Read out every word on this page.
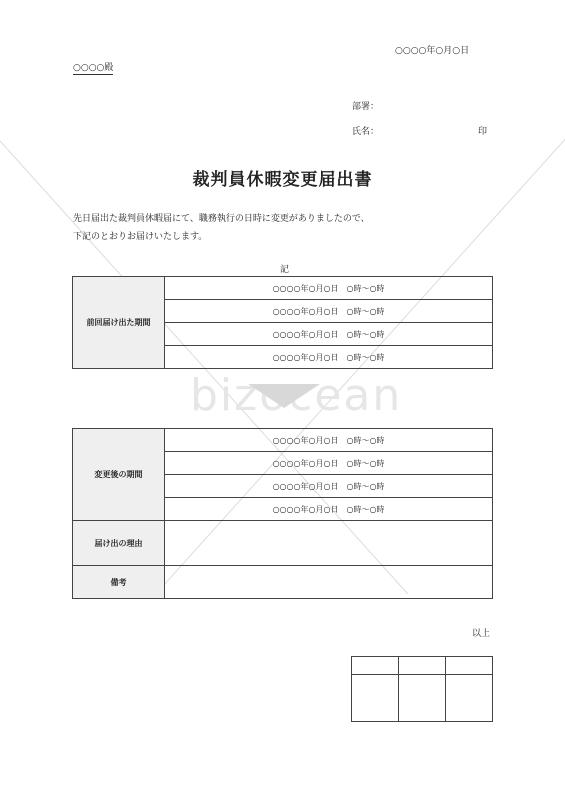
bizocean
○○○○年○月○日
○○○○殿
部署：
氏名：	印
裁判員休暇変更届出書
先日届出た裁判員休暇届にて、職務執行の日時に変更がありましたので、
下記のとおりお届けいたします。
記
前回届け出た期間	○○○○年○月○日　○時～○時
○○○○年○月○日　○時～○時
○○○○年○月○日　○時～○時
○○○○年○月○日　○時～○時
変更後の期間	○○○○年○月○日　○時～○時
	○○○○年○月○日　○時～○時
	○○○○年○月○日　○時～○時
	○○○○年○月○日　○時～○時
届け出の理由	
備考	
以上
